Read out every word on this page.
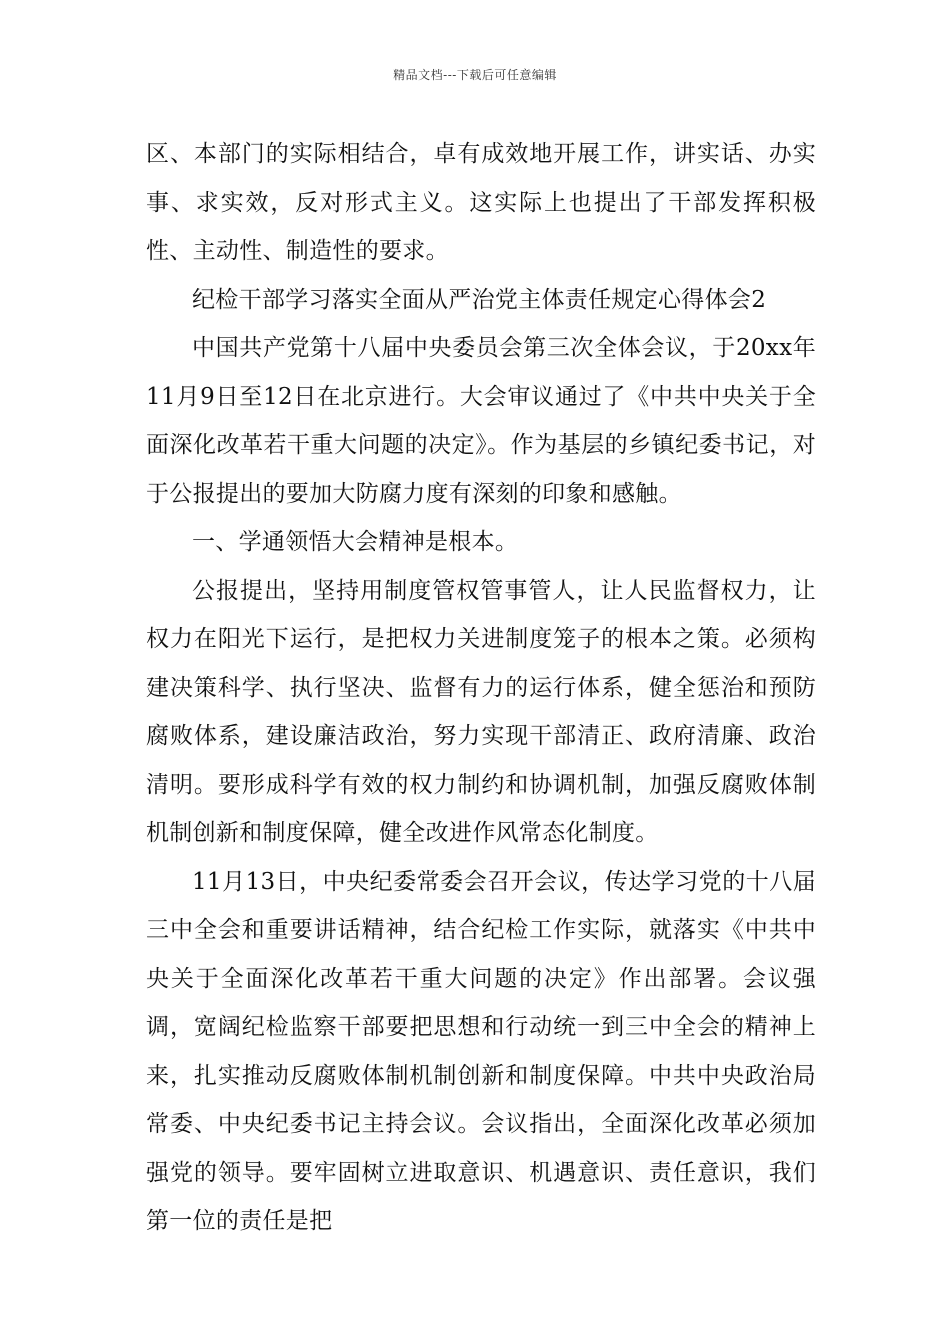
精品文档---下载后可任意编辑

区、本部门的实际相结合，卓有成效地开展工作，讲实话、办实事、求实效，反对形式主义。这实际上也提出了干部发挥积极性、主动性、制造性的要求。

纪检干部学习落实全面从严治党主体责任规定心得体会2

中国共产党第十八届中央委员会第三次全体会议，于20xx年11月9日至12日在北京进行。大会审议通过了《中共中央关于全面深化改革若干重大问题的决定》。作为基层的乡镇纪委书记，对于公报提出的要加大防腐力度有深刻的印象和感触。

一、学通领悟大会精神是根本。

公报提出，坚持用制度管权管事管人，让人民监督权力，让权力在阳光下运行，是把权力关进制度笼子的根本之策。必须构建决策科学、执行坚决、监督有力的运行体系，健全惩治和预防腐败体系，建设廉洁政治，努力实现干部清正、政府清廉、政治清明。要形成科学有效的权力制约和协调机制，加强反腐败体制机制创新和制度保障，健全改进作风常态化制度。

11月13日，中央纪委常委会召开会议，传达学习党的十八届三中全会和重要讲话精神，结合纪检工作实际，就落实《中共中央关于全面深化改革若干重大问题的决定》作出部署。会议强调，宽阔纪检监察干部要把思想和行动统一到三中全会的精神上来，扎实推动反腐败体制机制创新和制度保障。中共中央政治局常委、中央纪委书记主持会议。会议指出，全面深化改革必须加强党的领导。要牢固树立进取意识、机遇意识、责任意识，我们第一位的责任是把
